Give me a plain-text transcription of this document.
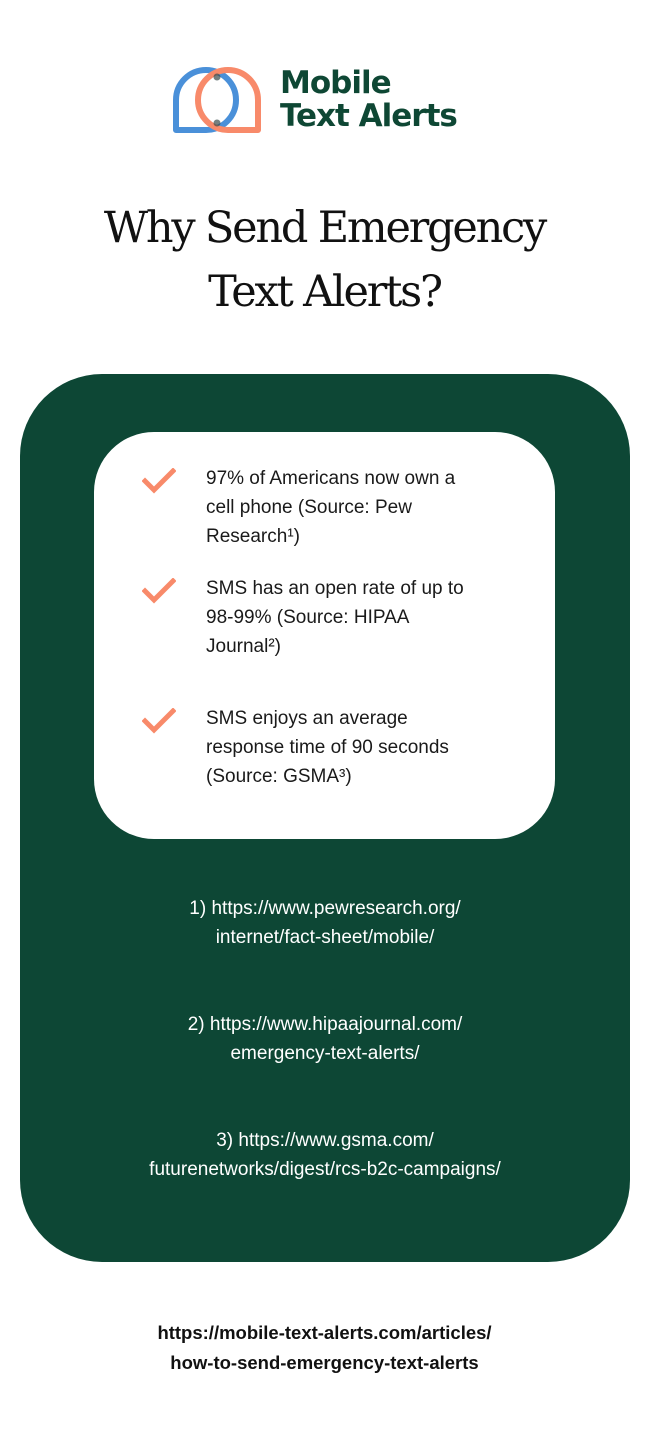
Mobile
Text Alerts
Why Send Emergency
Text Alerts?
97% of Americans now own a
cell phone (Source: Pew
Research¹)
SMS has an open rate of up to
98-99% (Source: HIPAA
Journal²)
SMS enjoys an average
response time of 90 seconds
(Source: GSMA³)
1) https://www.pewresearch.org/
internet/fact-sheet/mobile/
2) https://www.hipaajournal.com/
emergency-text-alerts/
3) https://www.gsma.com/
futurenetworks/digest/rcs-b2c-campaigns/
https://mobile-text-alerts.com/articles/
how-to-send-emergency-text-alerts
